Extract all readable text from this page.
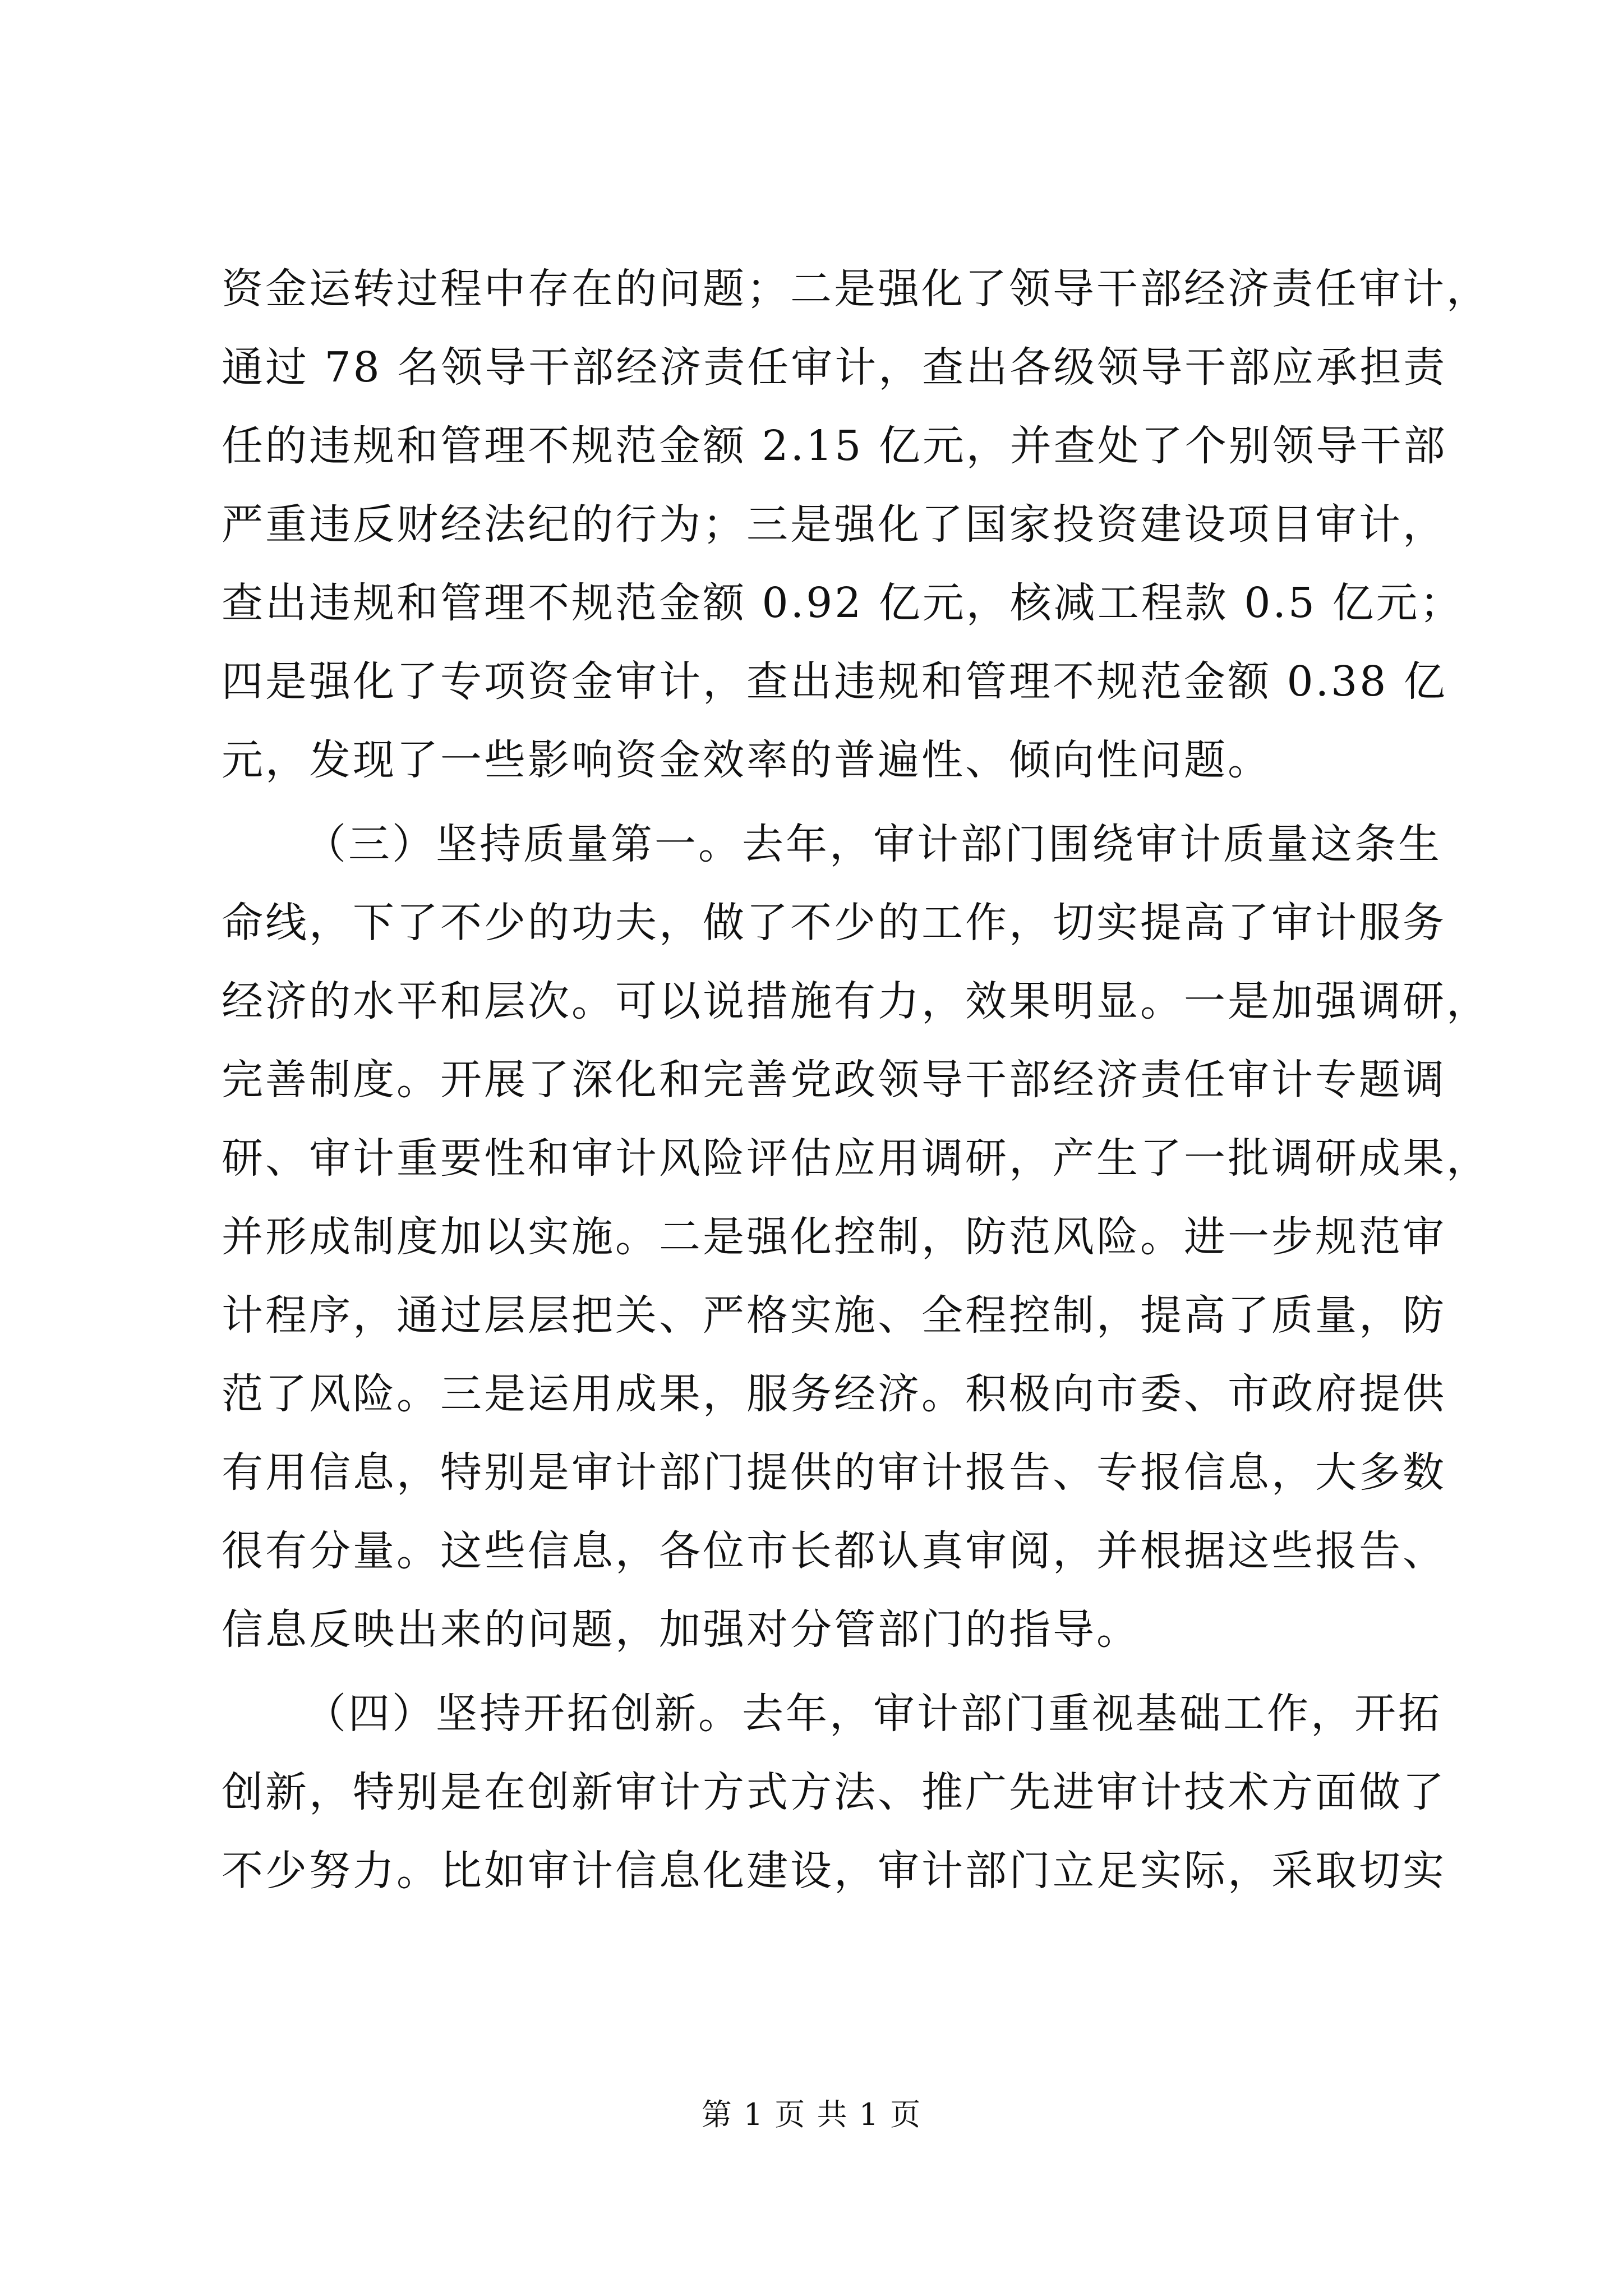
资金运转过程中存在的问题；二是强化了领导干部经济责任审计，
通过 78 名领导干部经济责任审计，查出各级领导干部应承担责
任的违规和管理不规范金额 2.15 亿元，并查处了个别领导干部
严重违反财经法纪的行为；三是强化了国家投资建设项目审计，
查出违规和管理不规范金额 0.92 亿元，核减工程款 0.5 亿元；
四是强化了专项资金审计，查出违规和管理不规范金额 0.38 亿
元，发现了一些影响资金效率的普遍性、倾向性问题。
（三）坚持质量第一。去年，审计部门围绕审计质量这条生
命线，下了不少的功夫，做了不少的工作，切实提高了审计服务
经济的水平和层次。可以说措施有力，效果明显。一是加强调研，
完善制度。开展了深化和完善党政领导干部经济责任审计专题调
研、审计重要性和审计风险评估应用调研，产生了一批调研成果，
并形成制度加以实施。二是强化控制，防范风险。进一步规范审
计程序，通过层层把关、严格实施、全程控制，提高了质量，防
范了风险。三是运用成果，服务经济。积极向市委、市政府提供
有用信息，特别是审计部门提供的审计报告、专报信息，大多数
很有分量。这些信息，各位市长都认真审阅，并根据这些报告、
信息反映出来的问题，加强对分管部门的指导。
（四）坚持开拓创新。去年，审计部门重视基础工作，开拓
创新，特别是在创新审计方式方法、推广先进审计技术方面做了
不少努力。比如审计信息化建设，审计部门立足实际，采取切实
第 1 页 共 1 页
